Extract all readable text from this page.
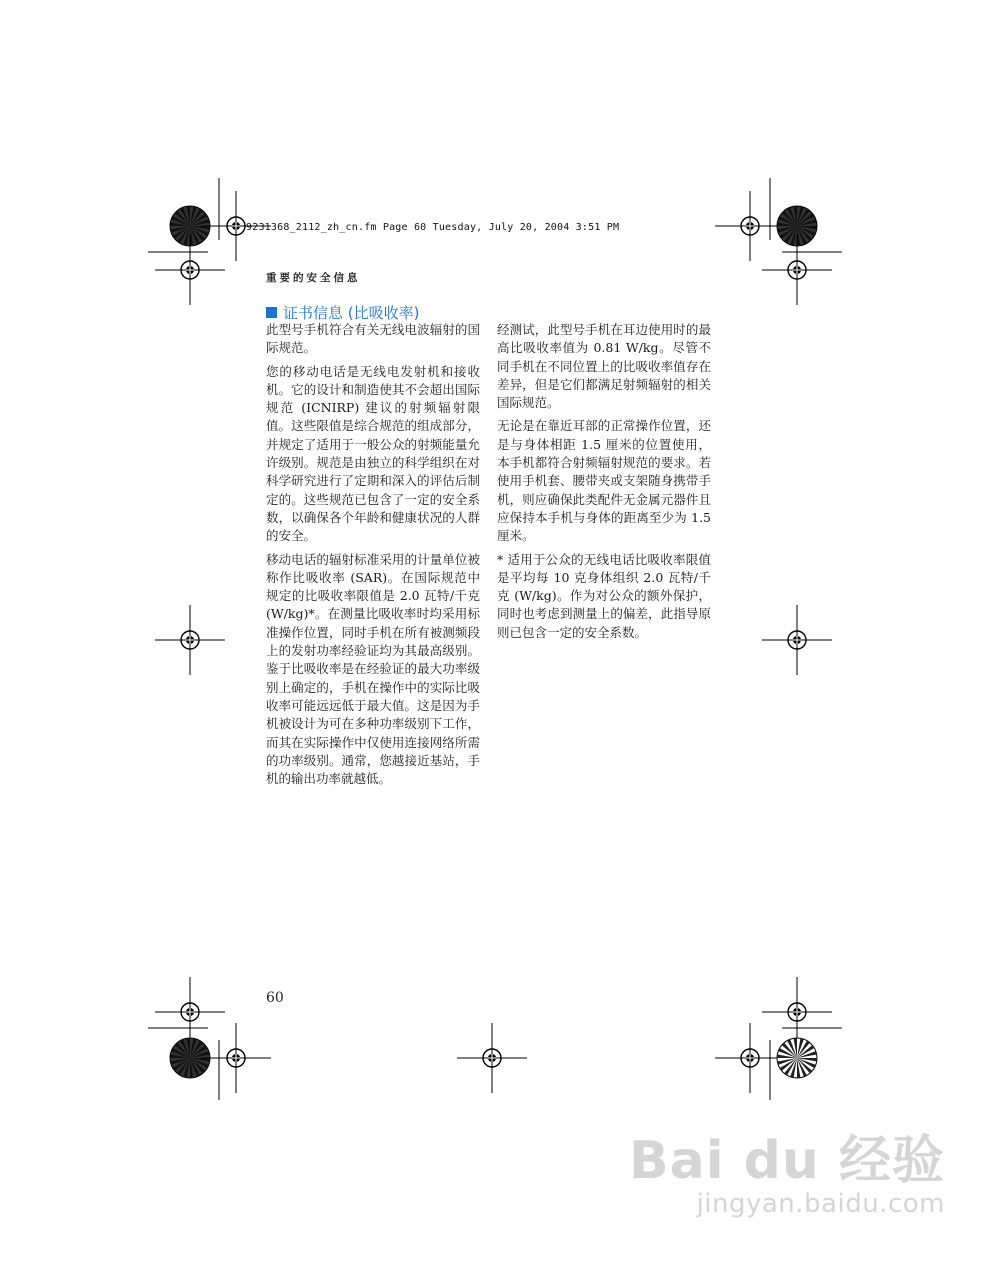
9231368_2112_zh_cn.fm Page 60 Tuesday, July 20, 2004 3:51 PM
重要的安全信息
证书信息 (比吸收率)

此型号手机符合有关无线电波辐射的国际规范。

您的移动电话是无线电发射机和接收机。它的设计和制造使其不会超出国际规范 (ICNIRP) 建议的射频辐射限值。这些限值是综合规范的组成部分，并规定了适用于一般公众的射频能量允许级别。规范是由独立的科学组织在对科学研究进行了定期和深入的评估后制定的。这些规范已包含了一定的安全系数，以确保各个年龄和健康状况的人群的安全。

移动电话的辐射标准采用的计量单位被称作比吸收率 (SAR)。在国际规范中规定的比吸收率限值是 2.0 瓦特/千克 (W/kg)*。在测量比吸收率时均采用标准操作位置，同时手机在所有被测频段上的发射功率经验证均为其最高级别。鉴于比吸收率是在经验证的最大功率级别上确定的，手机在操作中的实际比吸收率可能远远低于最大值。这是因为手机被设计为可在多种功率级别下工作，而其在实际操作中仅使用连接网络所需的功率级别。通常，您越接近基站，手机的输出功率就越低。

经测试，此型号手机在耳边使用时的最高比吸收率值为 0.81 W/kg。尽管不同手机在不同位置上的比吸收率值存在差异，但是它们都满足射频辐射的相关国际规范。

无论是在靠近耳部的正常操作位置，还是与身体相距 1.5 厘米的位置使用，本手机都符合射频辐射规范的要求。若使用手机套、腰带夹或支架随身携带手机，则应确保此类配件无金属元器件且应保持本手机与身体的距离至少为 1.5 厘米。

* 适用于公众的无线电话比吸收率限值是平均每 10 克身体组织 2.0 瓦特/千克 (W/kg)。作为对公众的额外保护，同时也考虑到测量上的偏差，此指导原则已包含一定的安全系数。

60
Bai du 经验
jingyan.baidu.com
